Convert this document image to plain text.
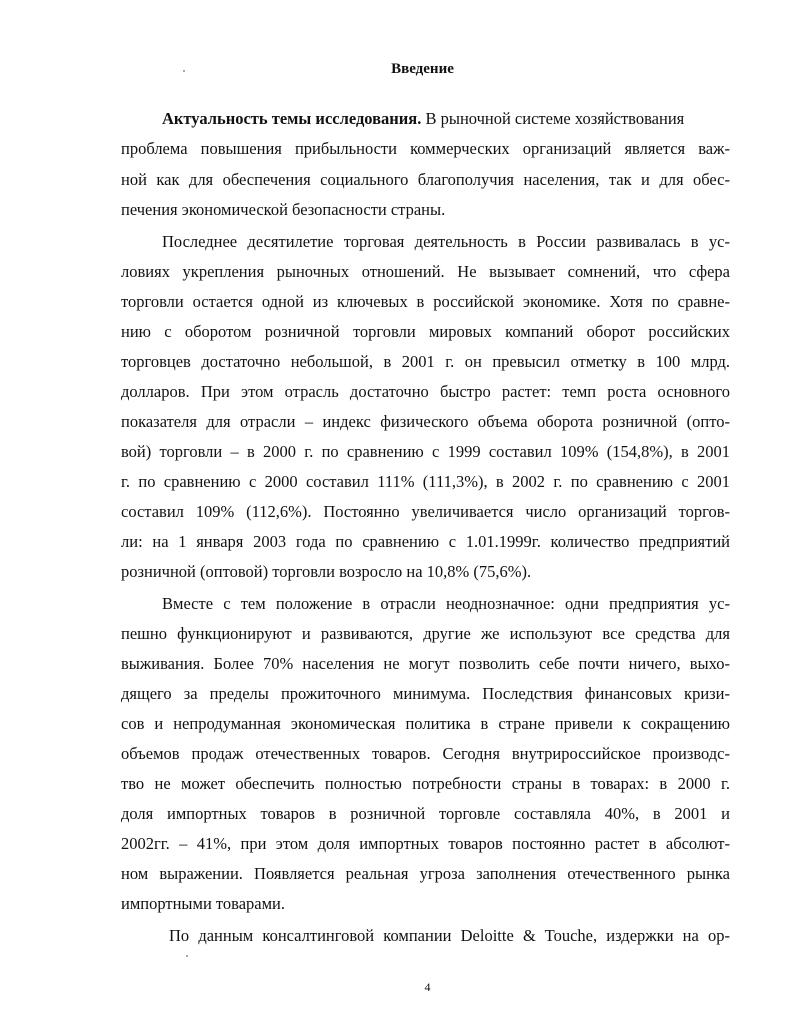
Введение

Актуальность темы исследования. В рыночной системе хозяйствования

проблема повышения прибыльности коммерческих организаций является важ-

ной как для обеспечения социального благополучия населения, так и для обес-

печения экономической безопасности страны.

Последнее десятилетие торговая деятельность в России развивалась в ус-

ловиях укрепления рыночных отношений. Не вызывает сомнений, что сфера

торговли остается одной из ключевых в российской экономике. Хотя по сравне-

нию с оборотом розничной торговли мировых компаний оборот российских

торговцев достаточно небольшой, в 2001 г. он превысил отметку в 100 млрд.

долларов. При этом отрасль достаточно быстро растет: темп роста основного

показателя для отрасли – индекс физического объема оборота розничной (опто-

вой) торговли – в 2000 г. по сравнению с 1999 составил 109% (154,8%), в 2001

г. по сравнению с 2000 составил 111% (111,3%), в 2002 г. по сравнению с 2001

составил 109% (112,6%). Постоянно увеличивается число организаций торгов-

ли: на 1 января 2003 года по сравнению с 1.01.1999г. количество предприятий

розничной (оптовой) торговли возросло на 10,8% (75,6%).

Вместе с тем положение в отрасли неоднозначное: одни предприятия ус-

пешно функционируют и развиваются, другие же используют все средства для

выживания. Более 70% населения не могут позволить себе почти ничего, выхо-

дящего за пределы прожиточного минимума. Последствия финансовых кризи-

сов и непродуманная экономическая политика в стране привели к сокращению

объемов продаж отечественных товаров. Сегодня внутрироссийское производс-

тво не может обеспечить полностью потребности страны в товарах: в 2000 г.

доля импортных товаров в розничной торговле составляла 40%, в 2001 и

2002гг. – 41%, при этом доля импортных товаров постоянно растет в абсолют-

ном выражении. Появляется реальная угроза заполнения отечественного рынка

импортными товарами.

По данным консалтинговой компании Deloitte & Touche, издержки на ор-

4
